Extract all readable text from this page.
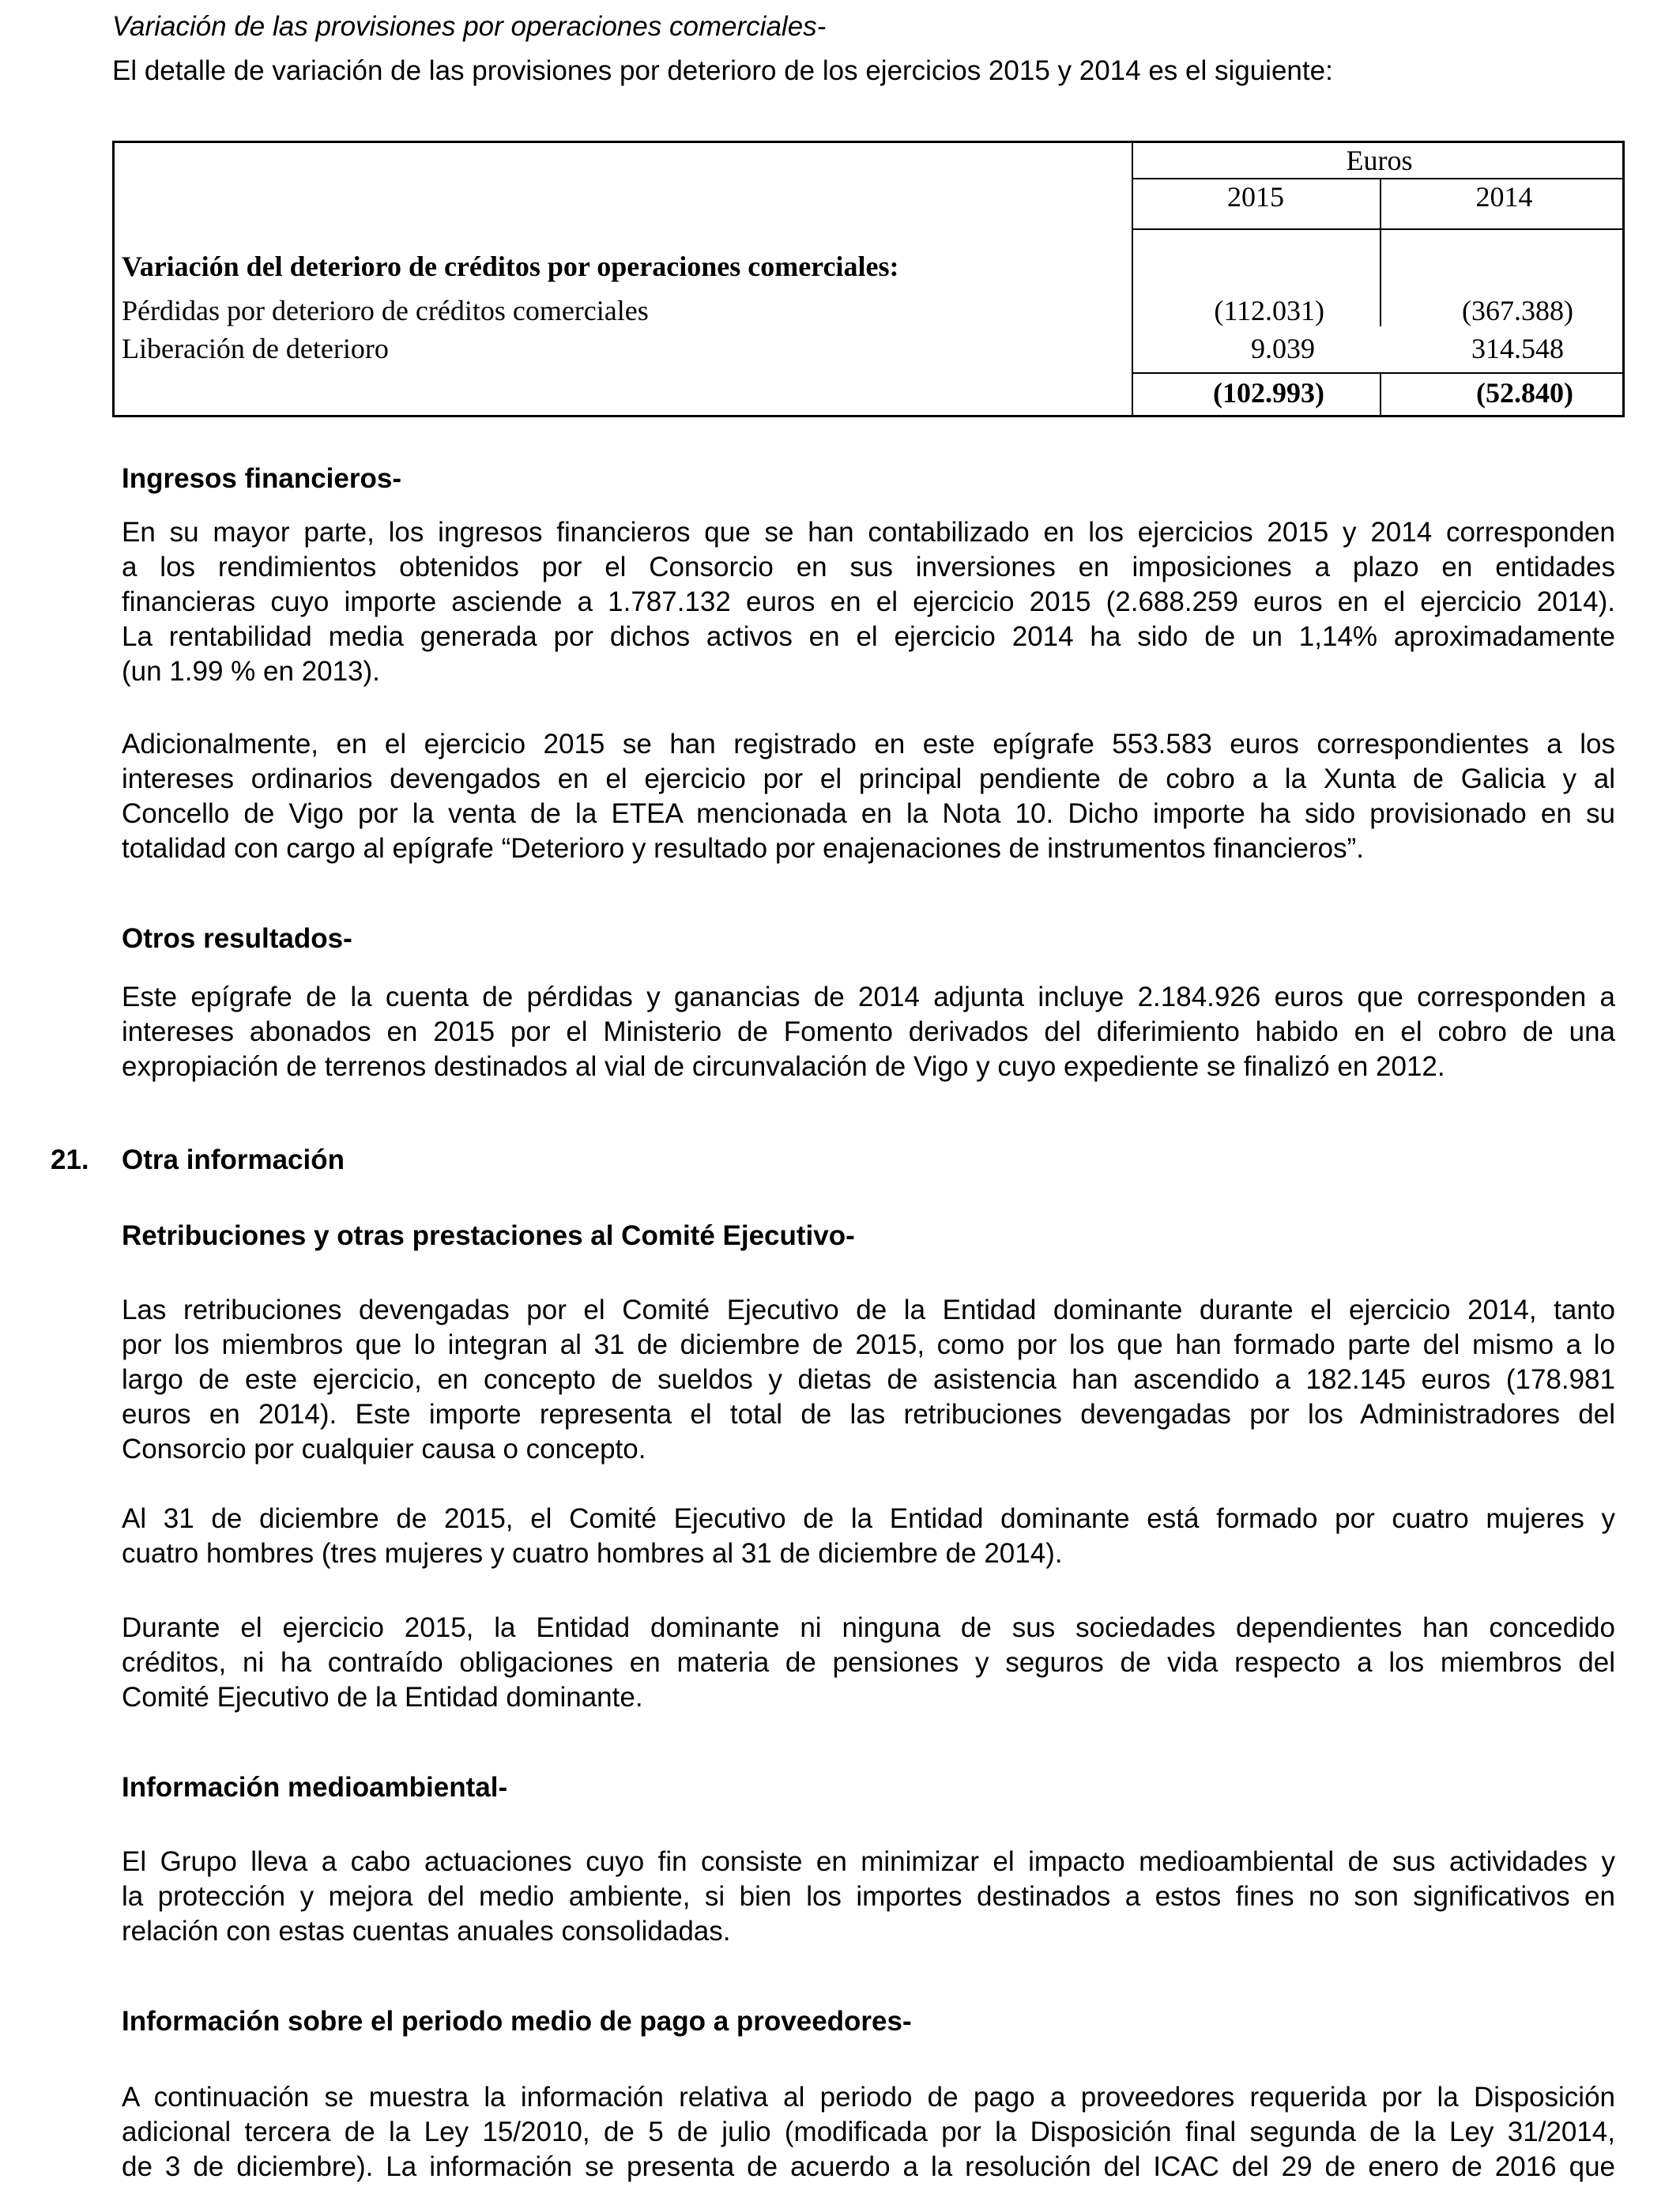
Variación de las provisiones por operaciones comerciales-
El detalle de variación de las provisiones por deterioro de los ejercicios 2015 y 2014 es el siguiente:
Euros
2015	2014
Variación del deterioro de créditos por operaciones comerciales:
Pérdidas por deterioro de créditos comerciales	(112.031)	(367.388)
Liberación de deterioro	9.039	314.548
(102.993)	(52.840)
Ingresos financieros-
En su mayor parte, los ingresos financieros que se han contabilizado en los ejercicios 2015 y 2014 corresponden
a los rendimientos obtenidos por el Consorcio en sus inversiones en imposiciones a plazo en entidades
financieras cuyo importe asciende a 1.787.132 euros en el ejercicio 2015 (2.688.259 euros en el ejercicio 2014).
La rentabilidad media generada por dichos activos en el ejercicio 2014 ha sido de un 1,14% aproximadamente
(un 1.99 % en 2013).
Adicionalmente, en el ejercicio 2015 se han registrado en este epígrafe 553.583 euros correspondientes a los
intereses ordinarios devengados en el ejercicio por el principal pendiente de cobro a la Xunta de Galicia y al
Concello de Vigo por la venta de la ETEA mencionada en la Nota 10. Dicho importe ha sido provisionado en su
totalidad con cargo al epígrafe “Deterioro y resultado por enajenaciones de instrumentos financieros”.
Otros resultados-
Este epígrafe de la cuenta de pérdidas y ganancias de 2014 adjunta incluye 2.184.926 euros que corresponden a
intereses abonados en 2015 por el Ministerio de Fomento derivados del diferimiento habido en el cobro de una
expropiación de terrenos destinados al vial de circunvalación de Vigo y cuyo expediente se finalizó en 2012.
21. Otra información
Retribuciones y otras prestaciones al Comité Ejecutivo-
Las retribuciones devengadas por el Comité Ejecutivo de la Entidad dominante durante el ejercicio 2014, tanto
por los miembros que lo integran al 31 de diciembre de 2015, como por los que han formado parte del mismo a lo
largo de este ejercicio, en concepto de sueldos y dietas de asistencia han ascendido a 182.145 euros (178.981
euros en 2014). Este importe representa el total de las retribuciones devengadas por los Administradores del
Consorcio por cualquier causa o concepto.
Al 31 de diciembre de 2015, el Comité Ejecutivo de la Entidad dominante está formado por cuatro mujeres y
cuatro hombres (tres mujeres y cuatro hombres al 31 de diciembre de 2014).
Durante el ejercicio 2015, la Entidad dominante ni ninguna de sus sociedades dependientes han concedido
créditos, ni ha contraído obligaciones en materia de pensiones y seguros de vida respecto a los miembros del
Comité Ejecutivo de la Entidad dominante.
Información medioambiental-
El Grupo lleva a cabo actuaciones cuyo fin consiste en minimizar el impacto medioambiental de sus actividades y
la protección y mejora del medio ambiente, si bien los importes destinados a estos fines no son significativos en
relación con estas cuentas anuales consolidadas.
Información sobre el periodo medio de pago a proveedores-
A continuación se muestra la información relativa al periodo de pago a proveedores requerida por la Disposición
adicional tercera de la Ley 15/2010, de 5 de julio (modificada por la Disposición final segunda de la Ley 31/2014,
de 3 de diciembre). La información se presenta de acuerdo a la resolución del ICAC del 29 de enero de 2016 que
